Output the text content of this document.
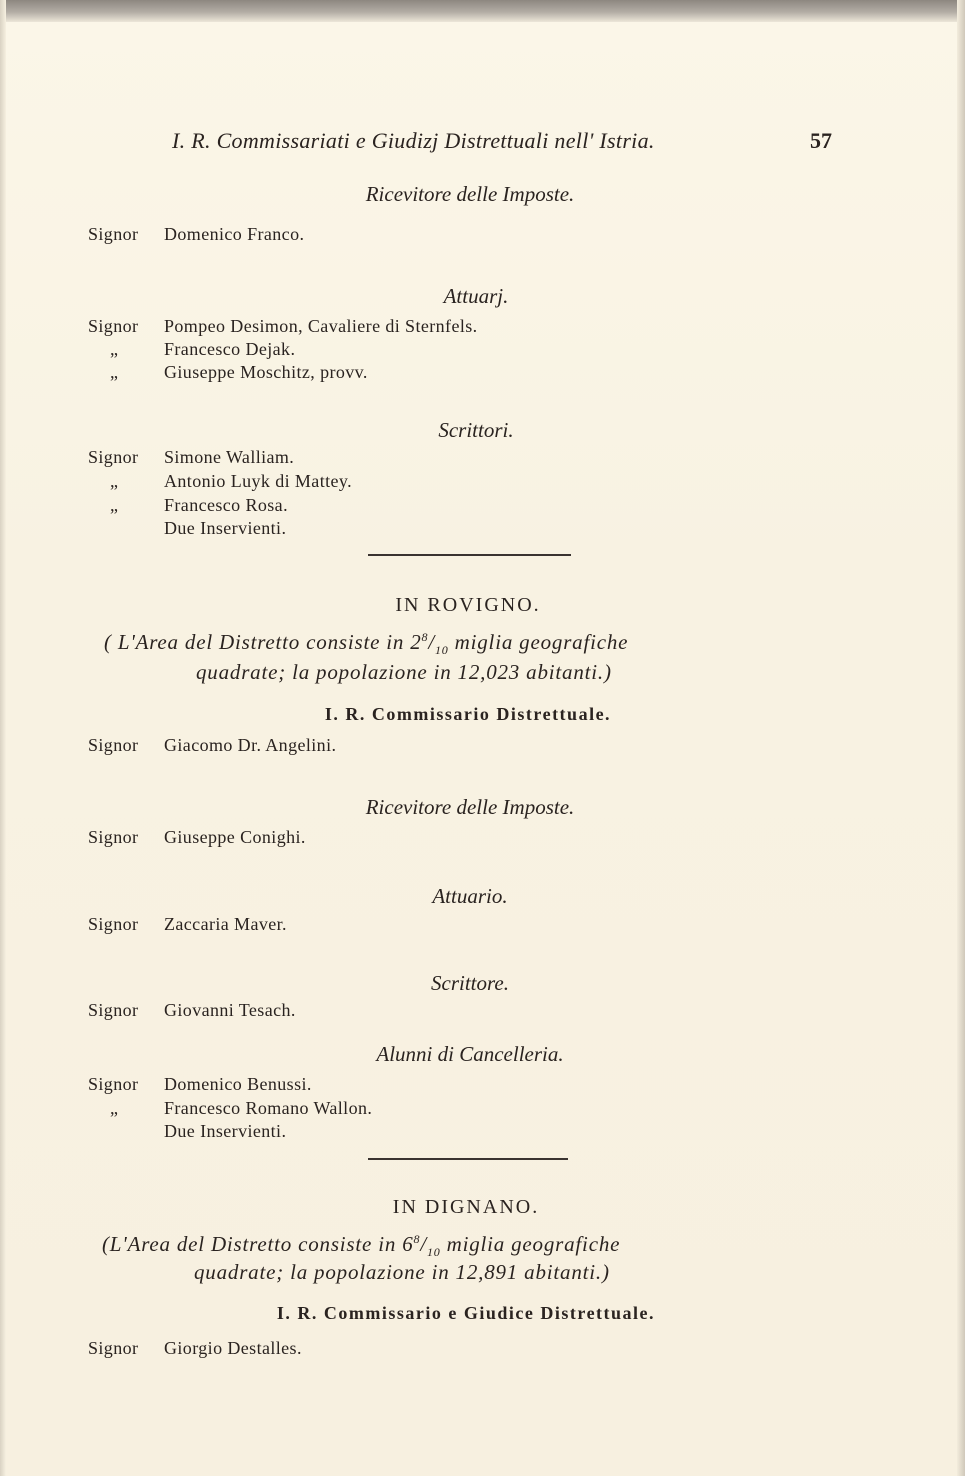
I. R. Commissariati e Giudizj Distrettuali nell' Istria.	57
Ricevitore delle Imposte.
Signor Domenico Franco.
Attuarj.
Signor Pompeo Desimon, Cavaliere di Sternfels.
„	Francesco Dejak.
„	Giuseppe Moschitz, provv.
Scrittori.
Signor Simone Walliam.
„	Antonio Luyk di Mattey.
„	Francesco Rosa.
Due Inservienti.
IN ROVIGNO.
( L'Area del Distretto consiste in $2^8/_{10}$ miglia geografiche
quadrate; la popolazione in 12,023 abitanti.)
I. R. Commissario Distrettuale.
Signor Giacomo Dr. Angelini.
Ricevitore delle Imposte.
Signor Giuseppe Conighi.
Attuario.
Signor Zaccaria Maver.
Scrittore.
Signor Giovanni Tesach.
Alunni di Cancelleria.
Signor Domenico Benussi.
„	Francesco Romano Wallon.
Due Inservienti.
IN DIGNANO.
(L'Area del Distretto consiste in $6^8/_{10}$ miglia geografiche
quadrate; la popolazione in 12,891 abitanti.)
I. R. Commissario e Giudice Distrettuale.
Signor Giorgio Destalles.
